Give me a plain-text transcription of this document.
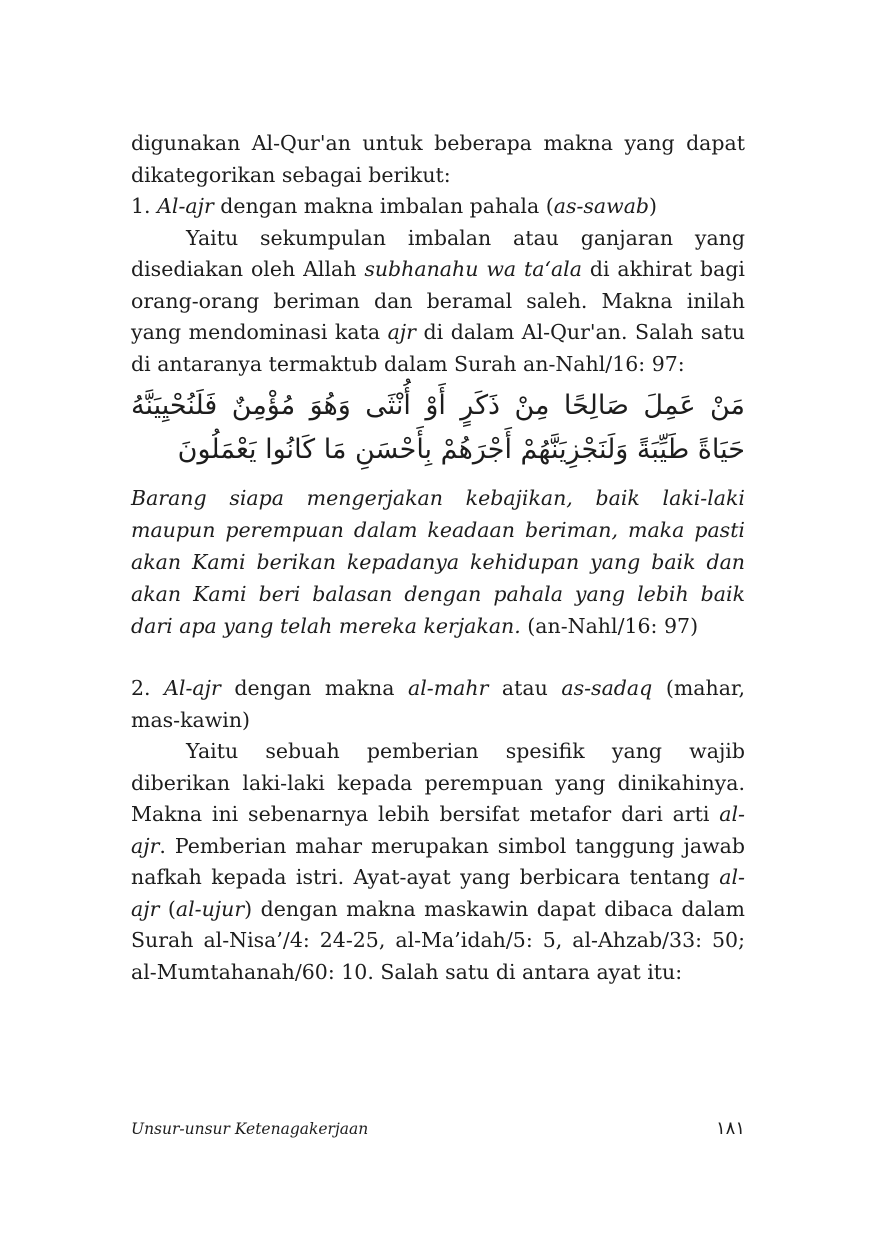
digunakan Al-Qur'an untuk beberapa makna yang dapat dikategorikan sebagai berikut:

1. Al-ajr dengan makna imbalan pahala (as-sawab)

Yaitu sekumpulan imbalan atau ganjaran yang disediakan oleh Allah subhanahu wa ta‘ala di akhirat bagi orang-orang beriman dan beramal saleh. Makna inilah yang mendominasi kata ajr di dalam Al-Qur'an. Salah satu di antaranya termaktub dalam Surah an-Nahl/16: 97:

مَنْ عَمِلَ صَالِحًا مِنْ ذَكَرٍ أَوْ أُنْثَى وَهُوَ مُؤْمِنٌ فَلَنُحْيِيَنَّهُ حَيَاةً طَيِّبَةً وَلَنَجْزِيَنَّهُمْ أَجْرَهُمْ بِأَحْسَنِ مَا كَانُوا يَعْمَلُونَ

Barang siapa mengerjakan kebajikan, baik laki-laki maupun perempuan dalam keadaan beriman, maka pasti akan Kami berikan kepadanya kehidupan yang baik dan akan Kami beri balasan dengan pahala yang lebih baik dari apa yang telah mereka kerjakan. (an-Nahl/16: 97)

2. Al-ajr dengan makna al-mahr atau as-sadaq (mahar, mas-kawin)

Yaitu sebuah pemberian spesifik yang wajib diberikan laki-laki kepada perempuan yang dinikahinya. Makna ini sebenarnya lebih bersifat metafor dari arti al-ajr. Pemberian mahar merupakan simbol tanggung jawab nafkah kepada istri. Ayat-ayat yang berbicara tentang al-ajr (al-ujur) dengan makna maskawin dapat dibaca dalam Surah al-Nisa’/4: 24-25, al-Ma’idah/5: 5, al-Ahzab/33: 50; al-Mumtahanah/60: 10. Salah satu di antara ayat itu:

Unsur-unsur Ketenagakerjaan	١٨١
